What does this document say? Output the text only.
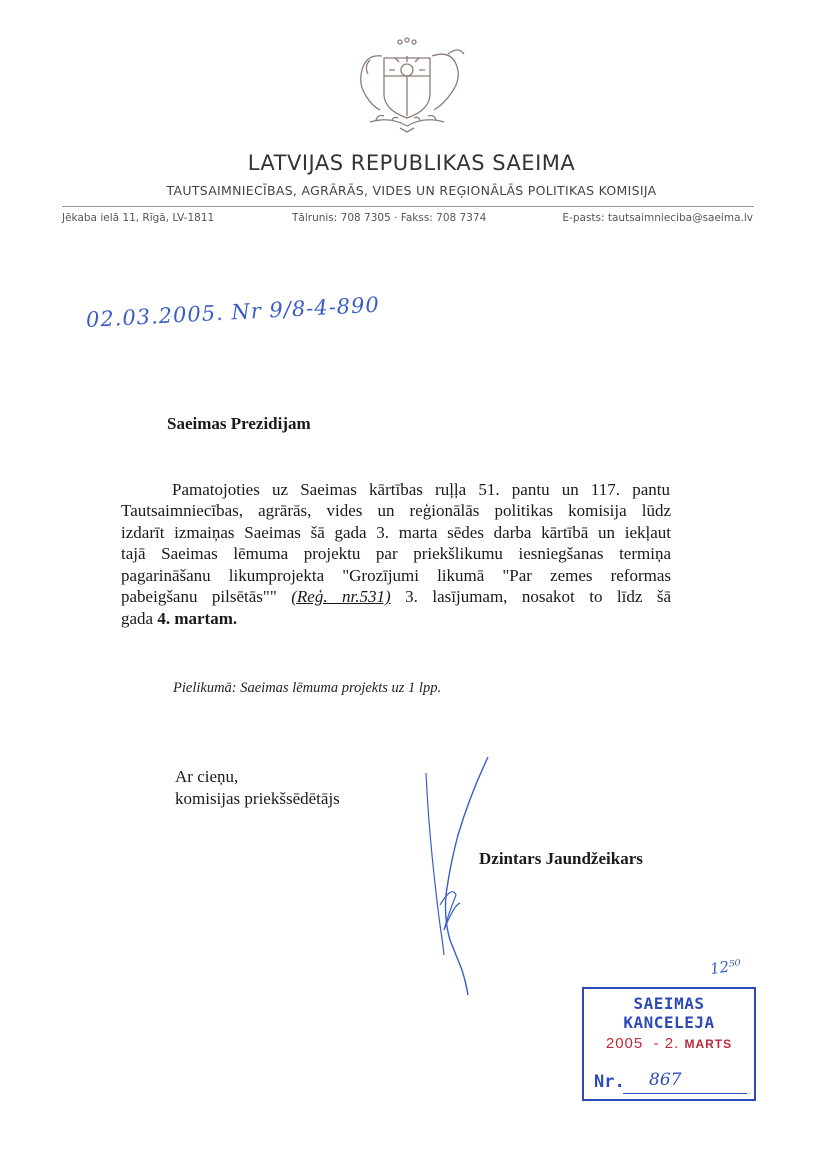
LATVIJAS REPUBLIKAS SAEIMA
TAUTSAIMNIECĪBAS, AGRĀRĀS, VIDES UN REĢIONĀLĀS POLITIKAS KOMISIJA
Jēkaba ielā 11, Rīgā, LV-1811	Tālrunis: 708 7305 · Fakss: 708 7374	E-pasts: tautsaimnieciba@saeima.lv
02.03.2005. Nr 9/8-4-890
Saeimas Prezidijam
Pamatojoties uz Saeimas kārtības ruļļa 51. pantu un 117. pantu
Tautsaimniecības, agrārās, vides un reģionālās politikas komisija lūdz
izdarīt izmaiņas Saeimas šā gada 3. marta sēdes darba kārtībā un iekļaut
tajā Saeimas lēmuma projektu par priekšlikumu iesniegšanas termiņa
pagarināšanu likumprojekta "Grozījumi likumā "Par zemes reformas
pabeigšanu pilsētās"" (Reģ. nr.531) 3. lasījumam, nosakot to līdz šā
gada 4. martam.
Pielikumā: Saeimas lēmuma projekts uz 1 lpp.
Ar cieņu,
komisijas priekšsēdētājs
Dzintars Jaundžeikars
12⁵⁰
SAEIMAS KANCELEJA
2005 - 2. MARTS
Nr. 867
